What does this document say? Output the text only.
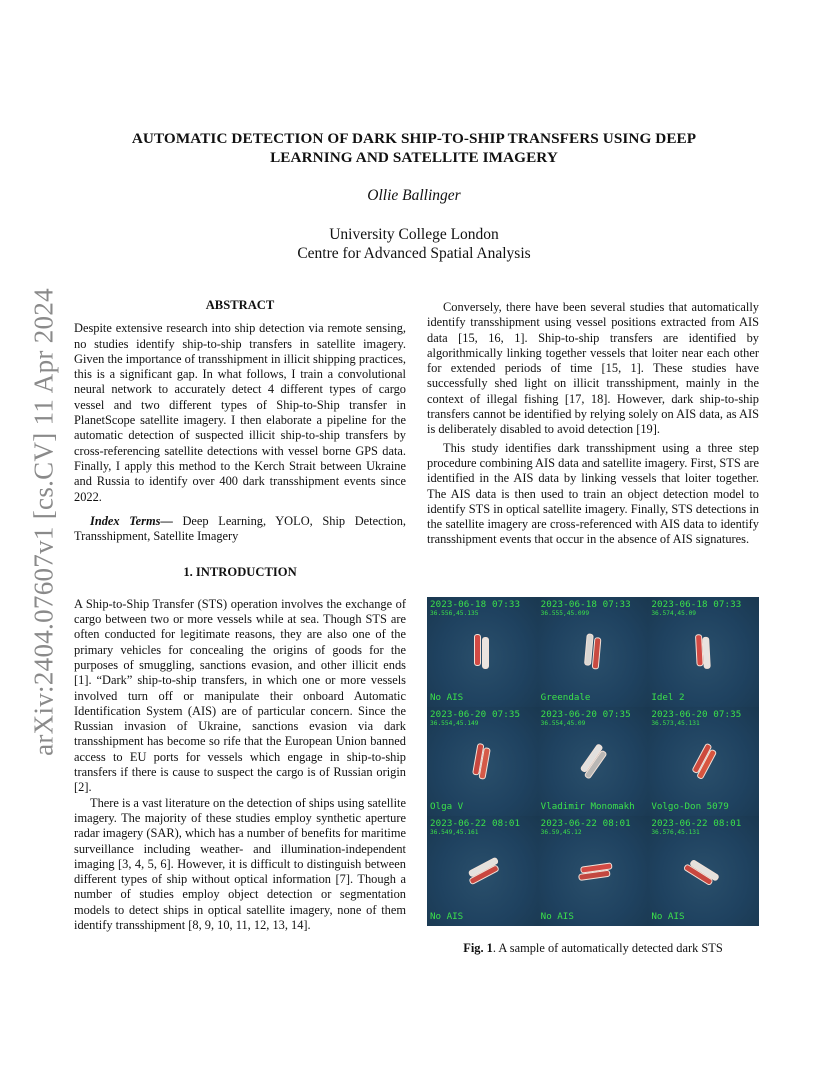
arXiv:2404.07607v1 [cs.CV] 11 Apr 2024
AUTOMATIC DETECTION OF DARK SHIP-TO-SHIP TRANSFERS USING DEEP
LEARNING AND SATELLITE IMAGERY
Ollie Ballinger
University College London
Centre for Advanced Spatial Analysis

ABSTRACT

Despite extensive research into ship detection via remote sensing, no studies identify ship-to-ship transfers in satellite imagery. Given the importance of transshipment in illicit shipping practices, this is a significant gap. In what follows, I train a convolutional neural network to accurately detect 4 different types of cargo vessel and two different types of Ship-to-Ship transfer in PlanetScope satellite imagery. I then elaborate a pipeline for the automatic detection of suspected illicit ship-to-ship transfers by cross-referencing satellite detections with vessel borne GPS data. Finally, I apply this method to the Kerch Strait between Ukraine and Russia to identify over 400 dark transshipment events since 2022.

Index Terms— Deep Learning, YOLO, Ship Detection, Transshipment, Satellite Imagery

1. INTRODUCTION

A Ship-to-Ship Transfer (STS) operation involves the exchange of cargo between two or more vessels while at sea. Though STS are often conducted for legitimate reasons, they are also one of the primary vehicles for concealing the origins of goods for the purposes of smuggling, sanctions evasion, and other illicit ends [1]. “Dark” ship-to-ship transfers, in which one or more vessels involved turn off or manipulate their onboard Automatic Identification System (AIS) are of particular concern. Since the Russian invasion of Ukraine, sanctions evasion via dark transshipment has become so rife that the European Union banned access to EU ports for vessels which engage in ship-to-ship transfers if there is cause to suspect the cargo is of Russian origin [2].

There is a vast literature on the detection of ships using satellite imagery. The majority of these studies employ synthetic aperture radar imagery (SAR), which has a number of benefits for maritime surveillance including weather- and illumination-independent imaging [3, 4, 5, 6]. However, it is difficult to distinguish between different types of ship without optical information [7]. Though a number of studies employ object detection or segmentation models to detect ships in optical satellite imagery, none of them identify transshipment [8, 9, 10, 11, 12, 13, 14].

Conversely, there have been several studies that automatically identify transshipment using vessel positions extracted from AIS data [15, 16, 1]. Ship-to-ship transfers are identified by algorithmically linking together vessels that loiter near each other for extended periods of time [15, 1]. These studies have successfully shed light on illicit transshipment, mainly in the context of illegal fishing [17, 18]. However, dark ship-to-ship transfers cannot be identified by relying solely on AIS data, as AIS is deliberately disabled to avoid detection [19].

This study identifies dark transshipment using a three step procedure combining AIS data and satellite imagery. First, STS are identified in the AIS data by linking vessels that loiter together. The AIS data is then used to train an object detection model to identify STS in optical satellite imagery. Finally, STS detections in the satellite imagery are cross-referenced with AIS data to identify transshipment events that occur in the absence of AIS signatures.

2023-06-18 07:33
36.556,45.135
No AIS
2023-06-18 07:33
36.555,45.099
Greendale
2023-06-18 07:33
36.574,45.09
Idel 2
2023-06-20 07:35
36.554,45.149
Olga V
2023-06-20 07:35
36.554,45.09
Vladimir Monomakh
2023-06-20 07:35
36.573,45.131
Volgo-Don 5079
2023-06-22 08:01
36.549,45.161
No AIS
2023-06-22 08:01
36.59,45.12
No AIS
2023-06-22 08:01
36.576,45.131
No AIS
Fig. 1. A sample of automatically detected dark STS
